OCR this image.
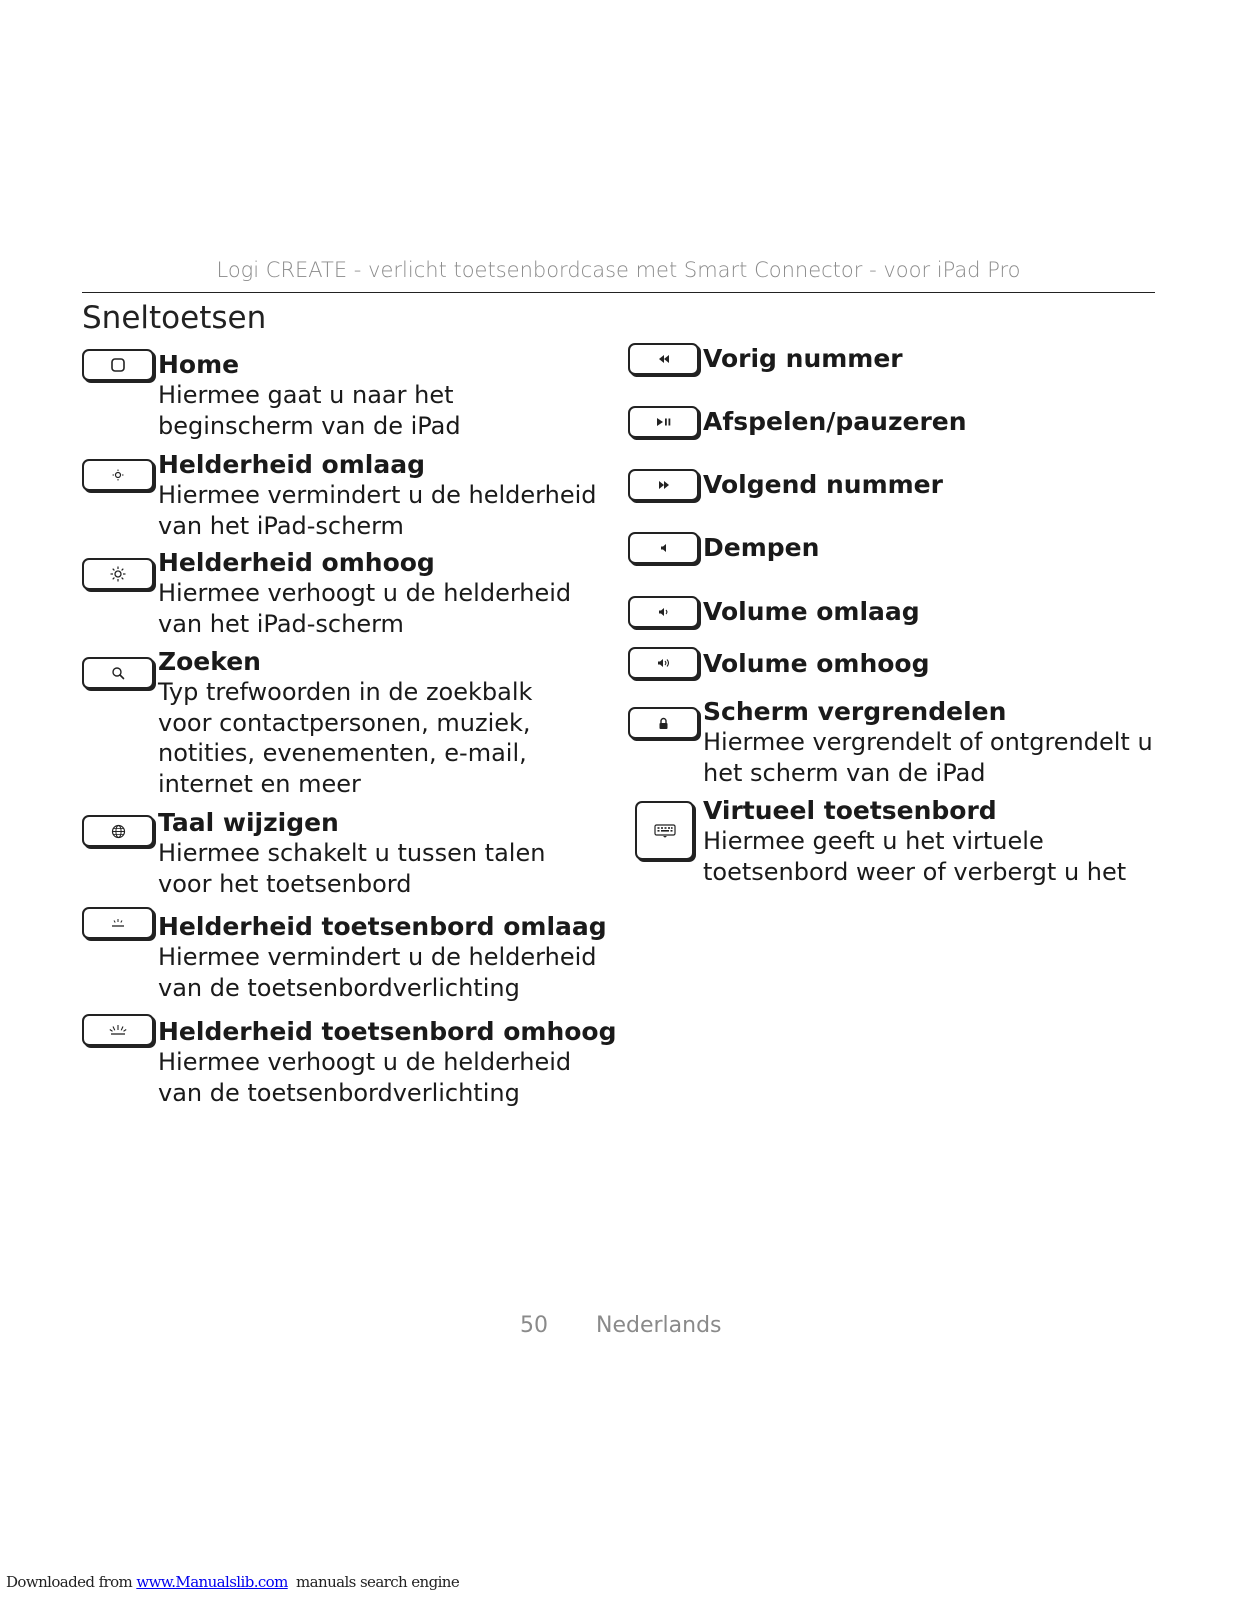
Logi CREATE - verlicht toetsenbordcase met Smart Connector - voor iPad Pro
Sneltoetsen
Home
Hiermee gaat u naar het
beginscherm van de iPad
Helderheid omlaag
Hiermee vermindert u de helderheid
van het iPad-scherm
Helderheid omhoog
Hiermee verhoogt u de helderheid
van het iPad-scherm
Zoeken
Typ trefwoorden in de zoekbalk
voor contactpersonen, muziek,
notities, evenementen, e-mail,
internet en meer
Taal wijzigen
Hiermee schakelt u tussen talen
voor het toetsenbord
Helderheid toetsenbord omlaag
Hiermee vermindert u de helderheid
van de toetsenbordverlichting
Helderheid toetsenbord omhoog
Hiermee verhoogt u de helderheid
van de toetsenbordverlichting
Vorig nummer
Afspelen/pauzeren
Volgend nummer
Dempen
Volume omlaag
Volume omhoog
Scherm vergrendelen
Hiermee vergrendelt of ontgrendelt u
het scherm van de iPad
Virtueel toetsenbord
Hiermee geeft u het virtuele
toetsenbord weer of verbergt u het
50 Nederlands
Downloaded from www.Manualslib.com  manuals search engine
